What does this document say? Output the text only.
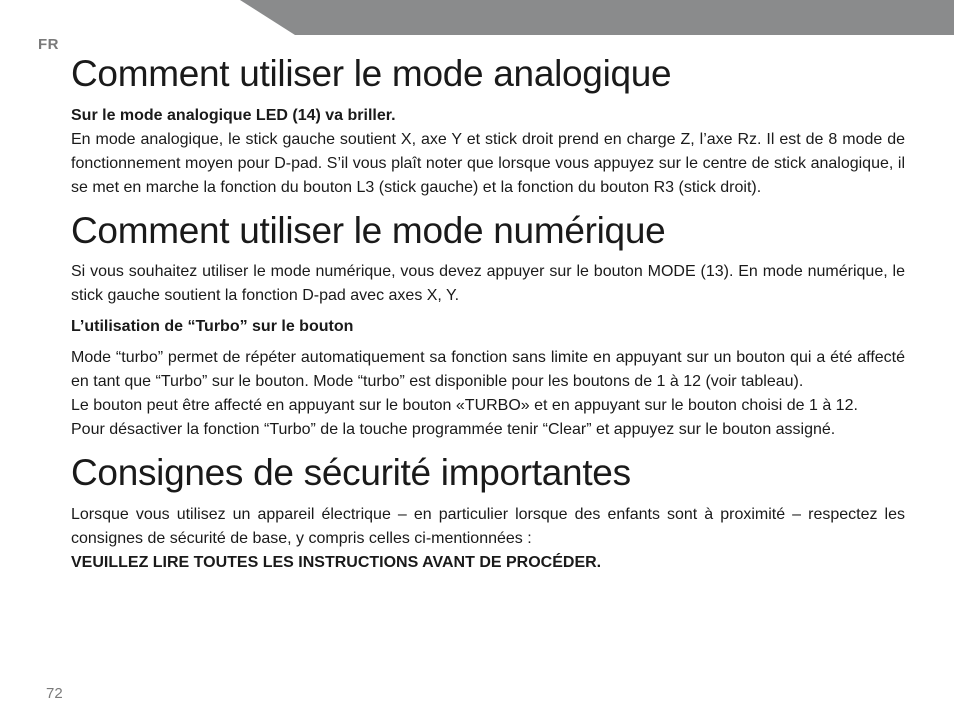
FR
Comment utiliser le mode analogique

Sur le mode analogique LED (14) va briller.

En mode analogique, le stick gauche soutient X, axe Y et stick droit prend en charge Z, l’axe Rz. Il est de 8 mode de fonctionnement moyen pour D-pad. S’il vous plaît noter que lorsque vous appuyez sur le centre de stick analogique, il se met en marche la fonction du bouton L3 (stick gauche) et la fonction du bouton R3 (stick droit).

Comment utiliser le mode numérique

Si vous souhaitez utiliser le mode numérique, vous devez appuyer sur le bouton MODE (13). En mode numérique, le stick gauche soutient la fonction D-pad avec axes X, Y.

L’utilisation de “Turbo” sur le bouton

Mode “turbo” permet de répéter automatiquement sa fonction sans limite en appuyant sur un bouton qui a été affecté en tant que “Turbo” sur le bouton. Mode “turbo” est disponible pour les boutons de 1 à 12 (voir tableau).

Le bouton peut être affecté en appuyant sur le bouton «TURBO» et en appuyant sur le bouton choisi de 1 à 12.

Pour désactiver la fonction “Turbo” de la touche programmée tenir “Clear” et appuyez sur le bouton assigné.

Consignes de sécurité importantes

Lorsque vous utilisez un appareil électrique – en particulier lorsque des enfants sont à proximité – respectez les consignes de sécurité de base, y compris celles ci-mentionnées :

VEUILLEZ LIRE TOUTES LES INSTRUCTIONS AVANT DE PROCÉDER.

72
